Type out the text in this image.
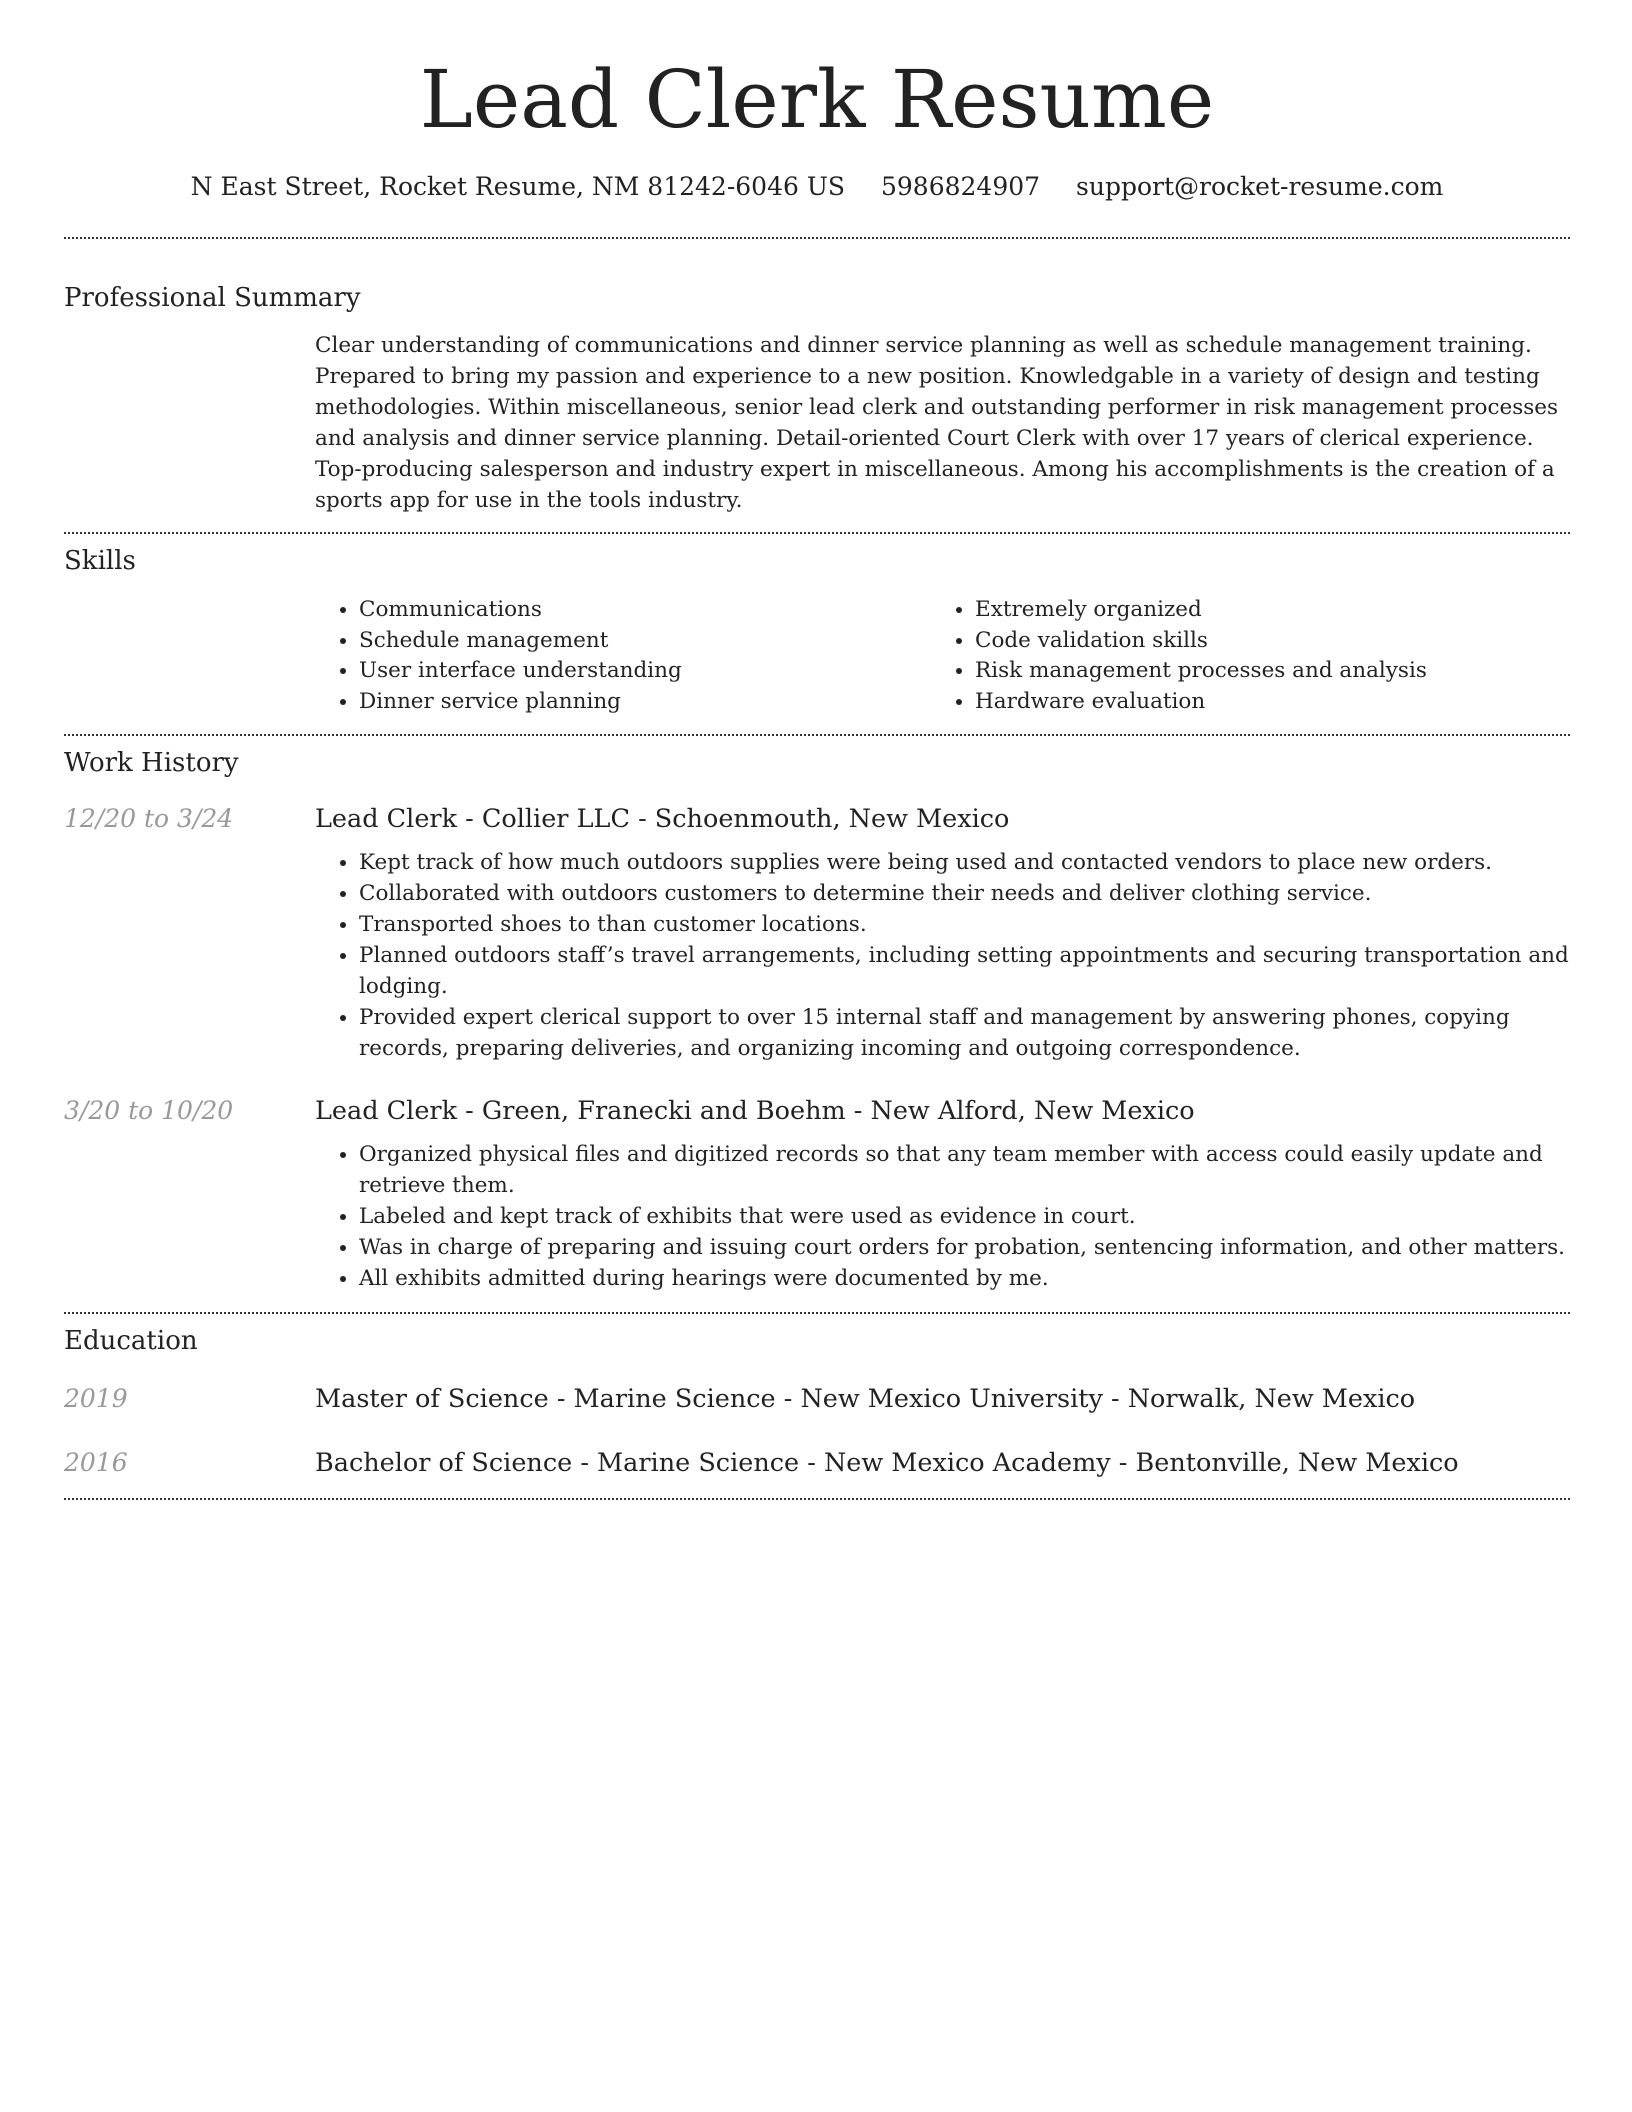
Lead Clerk Resume
N East Street, Rocket Resume, NM 81242-6046 US 5986824907 support@rocket-resume.com
Professional Summary
Clear understanding of communications and dinner service planning as well as schedule management training. Prepared to bring my passion and experience to a new position. Knowledgable in a variety of design and testing methodologies. Within miscellaneous, senior lead clerk and outstanding performer in risk management processes and analysis and dinner service planning. Detail-oriented Court Clerk with over 17 years of clerical experience. Top-producing salesperson and industry expert in miscellaneous. Among his accomplishments is the creation of a sports app for use in the tools industry.
Skills
• Communications
• Schedule management
• User interface understanding
• Dinner service planning
• Extremely organized
• Code validation skills
• Risk management processes and analysis
• Hardware evaluation
Work History
12/20 to 3/24	Lead Clerk - Collier LLC - Schoenmouth, New Mexico
• Kept track of how much outdoors supplies were being used and contacted vendors to place new orders.
• Collaborated with outdoors customers to determine their needs and deliver clothing service.
• Transported shoes to than customer locations.
• Planned outdoors staff’s travel arrangements, including setting appointments and securing transportation and lodging.
• Provided expert clerical support to over 15 internal staff and management by answering phones, copying records, preparing deliveries, and organizing incoming and outgoing correspondence.
3/20 to 10/20	Lead Clerk - Green, Franecki and Boehm - New Alford, New Mexico
• Organized physical files and digitized records so that any team member with access could easily update and retrieve them.
• Labeled and kept track of exhibits that were used as evidence in court.
• Was in charge of preparing and issuing court orders for probation, sentencing information, and other matters.
• All exhibits admitted during hearings were documented by me.
Education
2019	Master of Science - Marine Science - New Mexico University - Norwalk, New Mexico
2016	Bachelor of Science - Marine Science - New Mexico Academy - Bentonville, New Mexico
